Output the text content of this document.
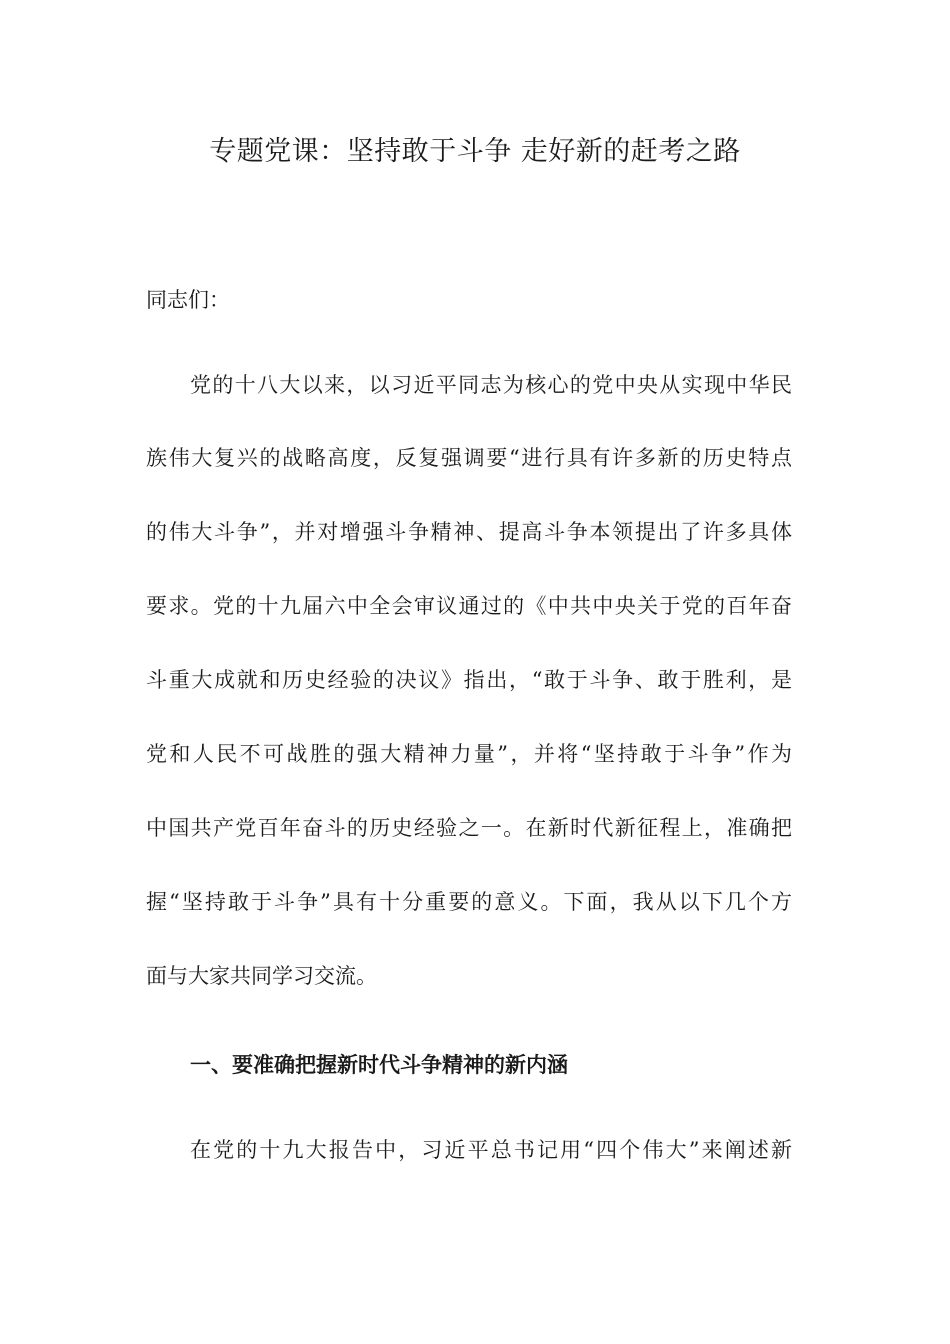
专题党课：坚持敢于斗争 走好新的赶考之路
同志们：
党的十八大以来，以习近平同志为核心的党中央从实现中华民
族伟大复兴的战略高度，反复强调要“进行具有许多新的历史特点
的伟大斗争”，并对增强斗争精神、提高斗争本领提出了许多具体
要求。党的十九届六中全会审议通过的《中共中央关于党的百年奋
斗重大成就和历史经验的决议》指出，“敢于斗争、敢于胜利，是
党和人民不可战胜的强大精神力量”，并将“坚持敢于斗争”作为
中国共产党百年奋斗的历史经验之一。在新时代新征程上，准确把
握“坚持敢于斗争”具有十分重要的意义。下面，我从以下几个方
面与大家共同学习交流。
一、要准确把握新时代斗争精神的新内涵
在党的十九大报告中，习近平总书记用“四个伟大”来阐述新
